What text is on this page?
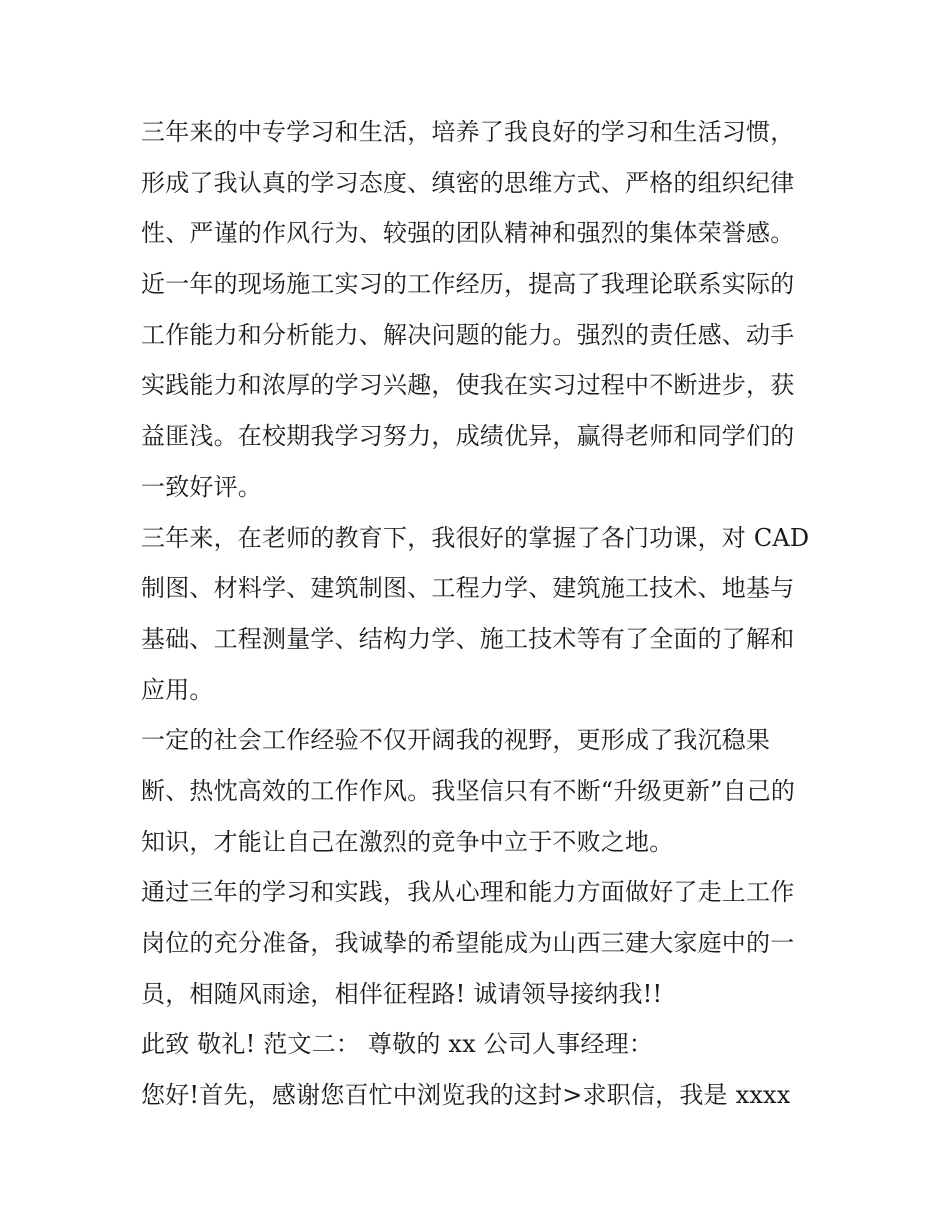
三年来的中专学习和生活，培养了我良好的学习和生活习惯，
形成了我认真的学习态度、缜密的思维方式、严格的组织纪律
性、严谨的作风行为、较强的团队精神和强烈的集体荣誉感。
近一年的现场施工实习的工作经历，提高了我理论联系实际的
工作能力和分析能力、解决问题的能力。强烈的责任感、动手
实践能力和浓厚的学习兴趣，使我在实习过程中不断进步，获
益匪浅。在校期我学习努力，成绩优异，赢得老师和同学们的
一致好评。
三年来，在老师的教育下，我很好的掌握了各门功课，对 CAD
制图、材料学、建筑制图、工程力学、建筑施工技术、地基与
基础、工程测量学、结构力学、施工技术等有了全面的了解和
应用。
一定的社会工作经验不仅开阔我的视野，更形成了我沉稳果
断、热忱高效的工作作风。我坚信只有不断“升级更新”自己的
知识，才能让自己在激烈的竞争中立于不败之地。
通过三年的学习和实践，我从心理和能力方面做好了走上工作
岗位的充分准备，我诚挚的希望能成为山西三建大家庭中的一
员，相随风雨途，相伴征程路! 诚请领导接纳我!!
此致 敬礼! 范文二： 尊敬的 xx 公司人事经理：
您好!首先，感谢您百忙中浏览我的这封>求职信，我是 xxxx
